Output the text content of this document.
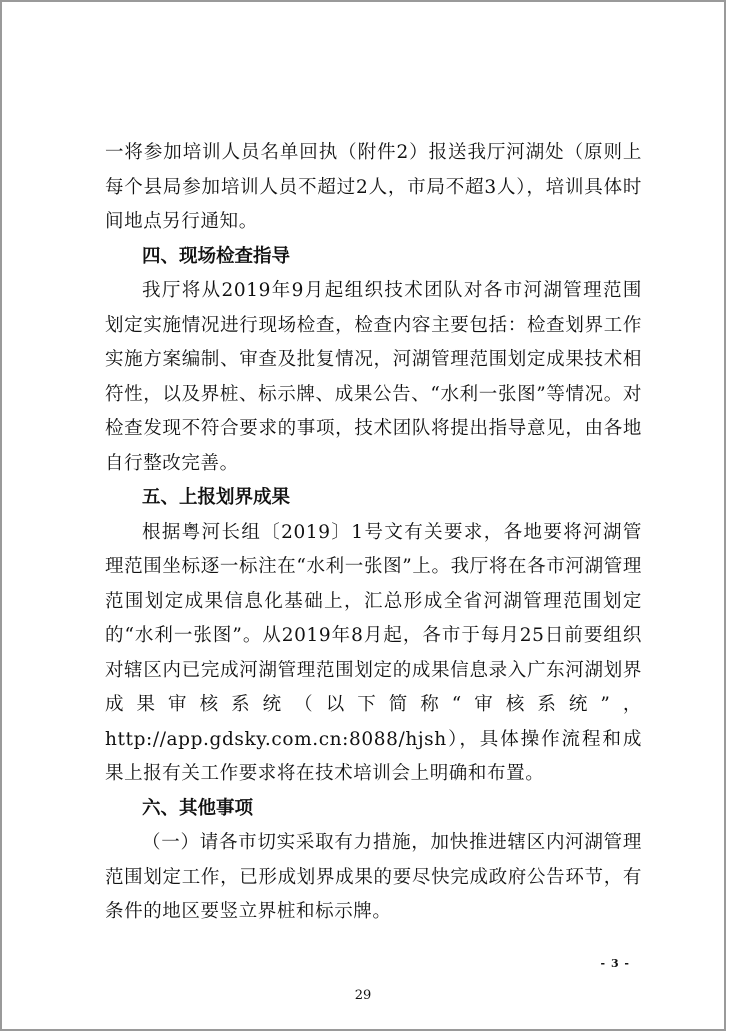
一将参加培训人员名单回执（附件2）报送我厅河湖处（原则上每个县局参加培训人员不超过2人，市局不超3人），培训具体时间地点另行通知。

四、现场检查指导

我厅将从2019年9月起组织技术团队对各市河湖管理范围划定实施情况进行现场检查，检查内容主要包括：检查划界工作实施方案编制、审查及批复情况，河湖管理范围划定成果技术相符性，以及界桩、标示牌、成果公告、“水利一张图”等情况。对检查发现不符合要求的事项，技术团队将提出指导意见，由各地自行整改完善。

五、上报划界成果

根据粤河长组〔2019〕1号文有关要求，各地要将河湖管理范围坐标逐一标注在“水利一张图”上。我厅将在各市河湖管理范围划定成果信息化基础上，汇总形成全省河湖管理范围划定的“水利一张图”。从2019年8月起，各市于每月25日前要组织对辖区内已完成河湖管理范围划定的成果信息录入广东河湖划界成果审核系统（以下简称“审核系统”，http://app.gdsky.com.cn:8088/hjsh），具体操作流程和成果上报有关工作要求将在技术培训会上明确和布置。

六、其他事项

（一）请各市切实采取有力措施，加快推进辖区内河湖管理范围划定工作，已形成划界成果的要尽快完成政府公告环节，有条件的地区要竖立界桩和标示牌。

- 3 -
29
